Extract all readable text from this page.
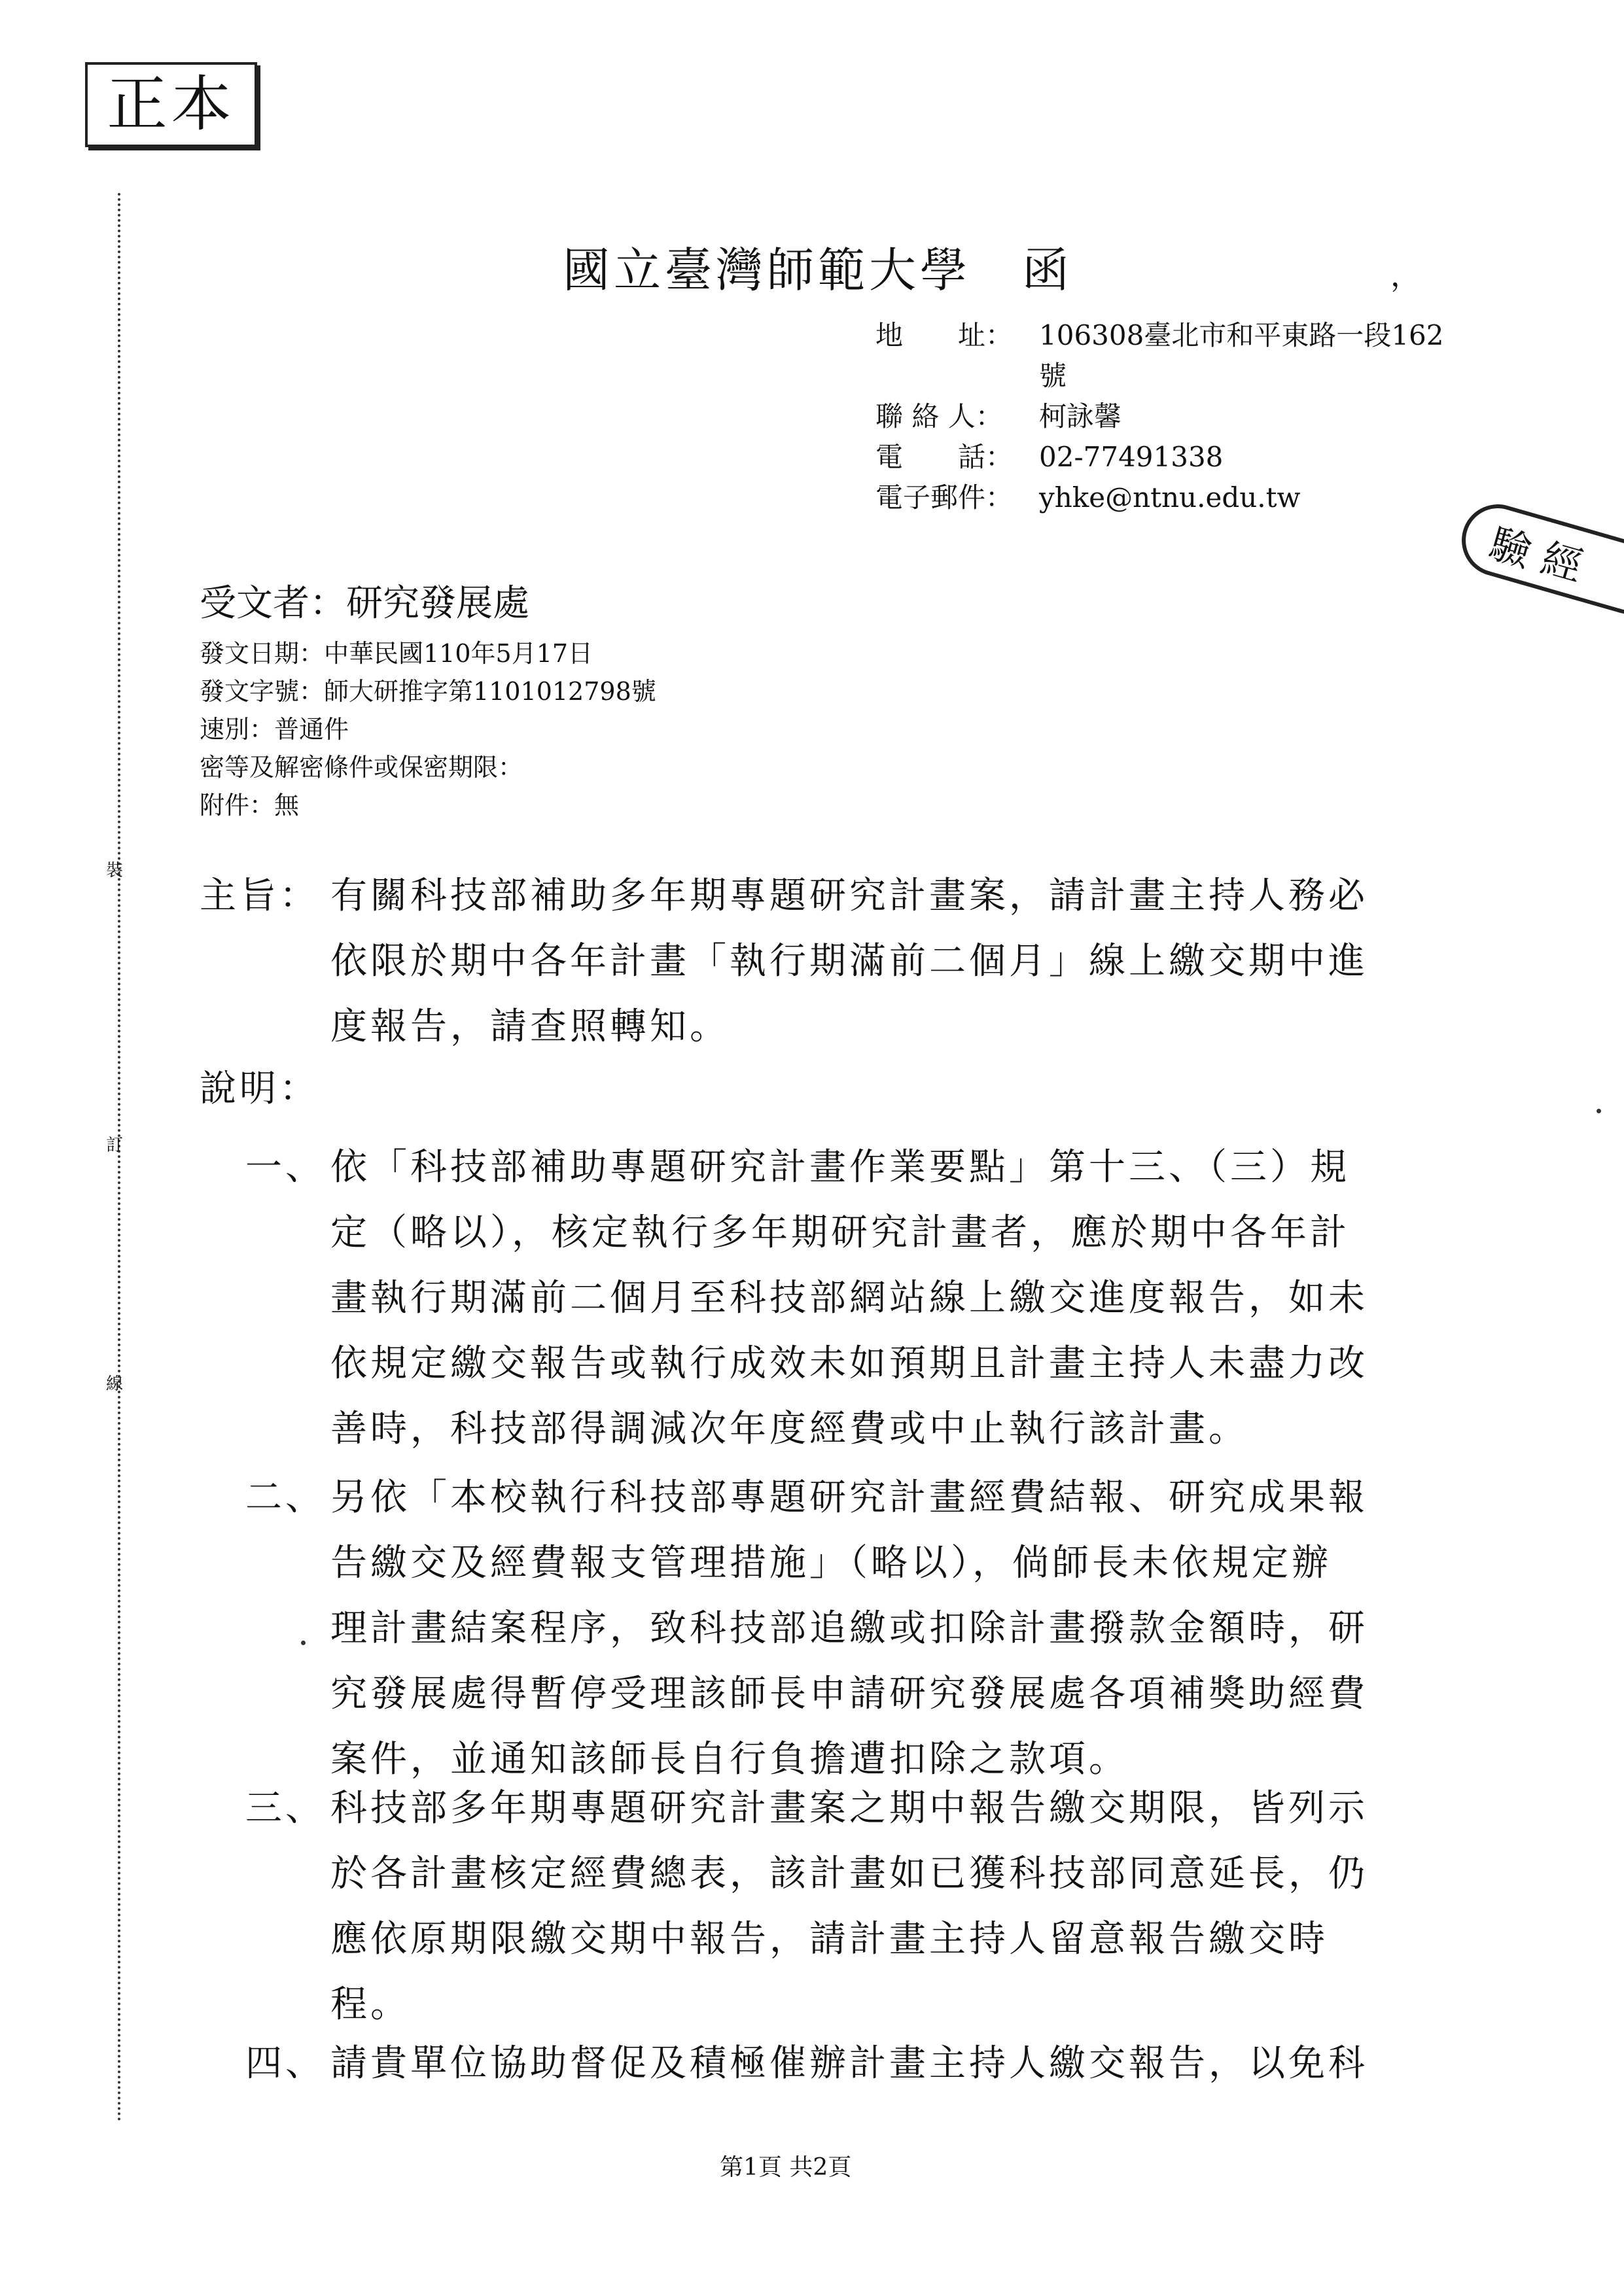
正本
裝
訂
線
國立臺灣師範大學　函	，
地　　址： 106308臺北市和平東路一段162
號
聯 絡 人： 柯詠馨
電　　話： 02-77491338
電子郵件： yhke@ntnu.edu.tw
驗 經
受文者：研究發展處
發文日期：中華民國110年5月17日
發文字號：師大研推字第1101012798號
速別：普通件
密等及解密條件或保密期限：
附件：無
主旨： 有關科技部補助多年期專題研究計畫案，請計畫主持人務必
依限於期中各年計畫「執行期滿前二個月」線上繳交期中進
度報告，請查照轉知。
說明：
一、 依「科技部補助專題研究計畫作業要點」第十三、（三）規
定（略以），核定執行多年期研究計畫者，應於期中各年計
畫執行期滿前二個月至科技部網站線上繳交進度報告，如未
依規定繳交報告或執行成效未如預期且計畫主持人未盡力改
善時，科技部得調減次年度經費或中止執行該計畫。
二、 另依「本校執行科技部專題研究計畫經費結報、研究成果報
告繳交及經費報支管理措施」（略以），倘師長未依規定辦
理計畫結案程序，致科技部追繳或扣除計畫撥款金額時，研
究發展處得暫停受理該師長申請研究發展處各項補獎助經費
案件，並通知該師長自行負擔遭扣除之款項。
三、 科技部多年期專題研究計畫案之期中報告繳交期限，皆列示
於各計畫核定經費總表，該計畫如已獲科技部同意延長，仍
應依原期限繳交期中報告，請計畫主持人留意報告繳交時
程。
四、 請貴單位協助督促及積極催辦計畫主持人繳交報告，以免科
第1頁 共2頁
